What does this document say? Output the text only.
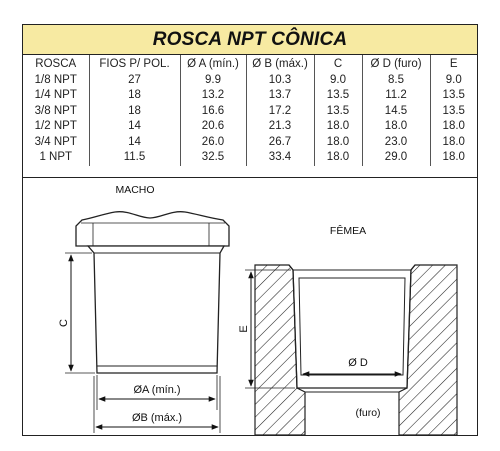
ROSCA NPT CÔNICA
ROSCA	FIOS P/ POL.	Ø A (mín.)	Ø B (máx.)	C	Ø D (furo)	E
1/8 NPT	27	9.9	10.3	9.0	8.5	9.0
1/4 NPT	18	13.2	13.7	13.5	11.2	13.5
3/8 NPT	18	16.6	17.2	13.5	14.5	13.5
1/2 NPT	14	20.6	21.3	18.0	18.0	18.0
3/4 NPT	14	26.0	26.7	18.0	23.0	18.0
1 NPT	11.5	32.5	33.4	18.0	29.0	18.0
MACHO
C
ØA (mín.)
ØB (máx.)
FÊMEA
E
Ø D
(furo)
